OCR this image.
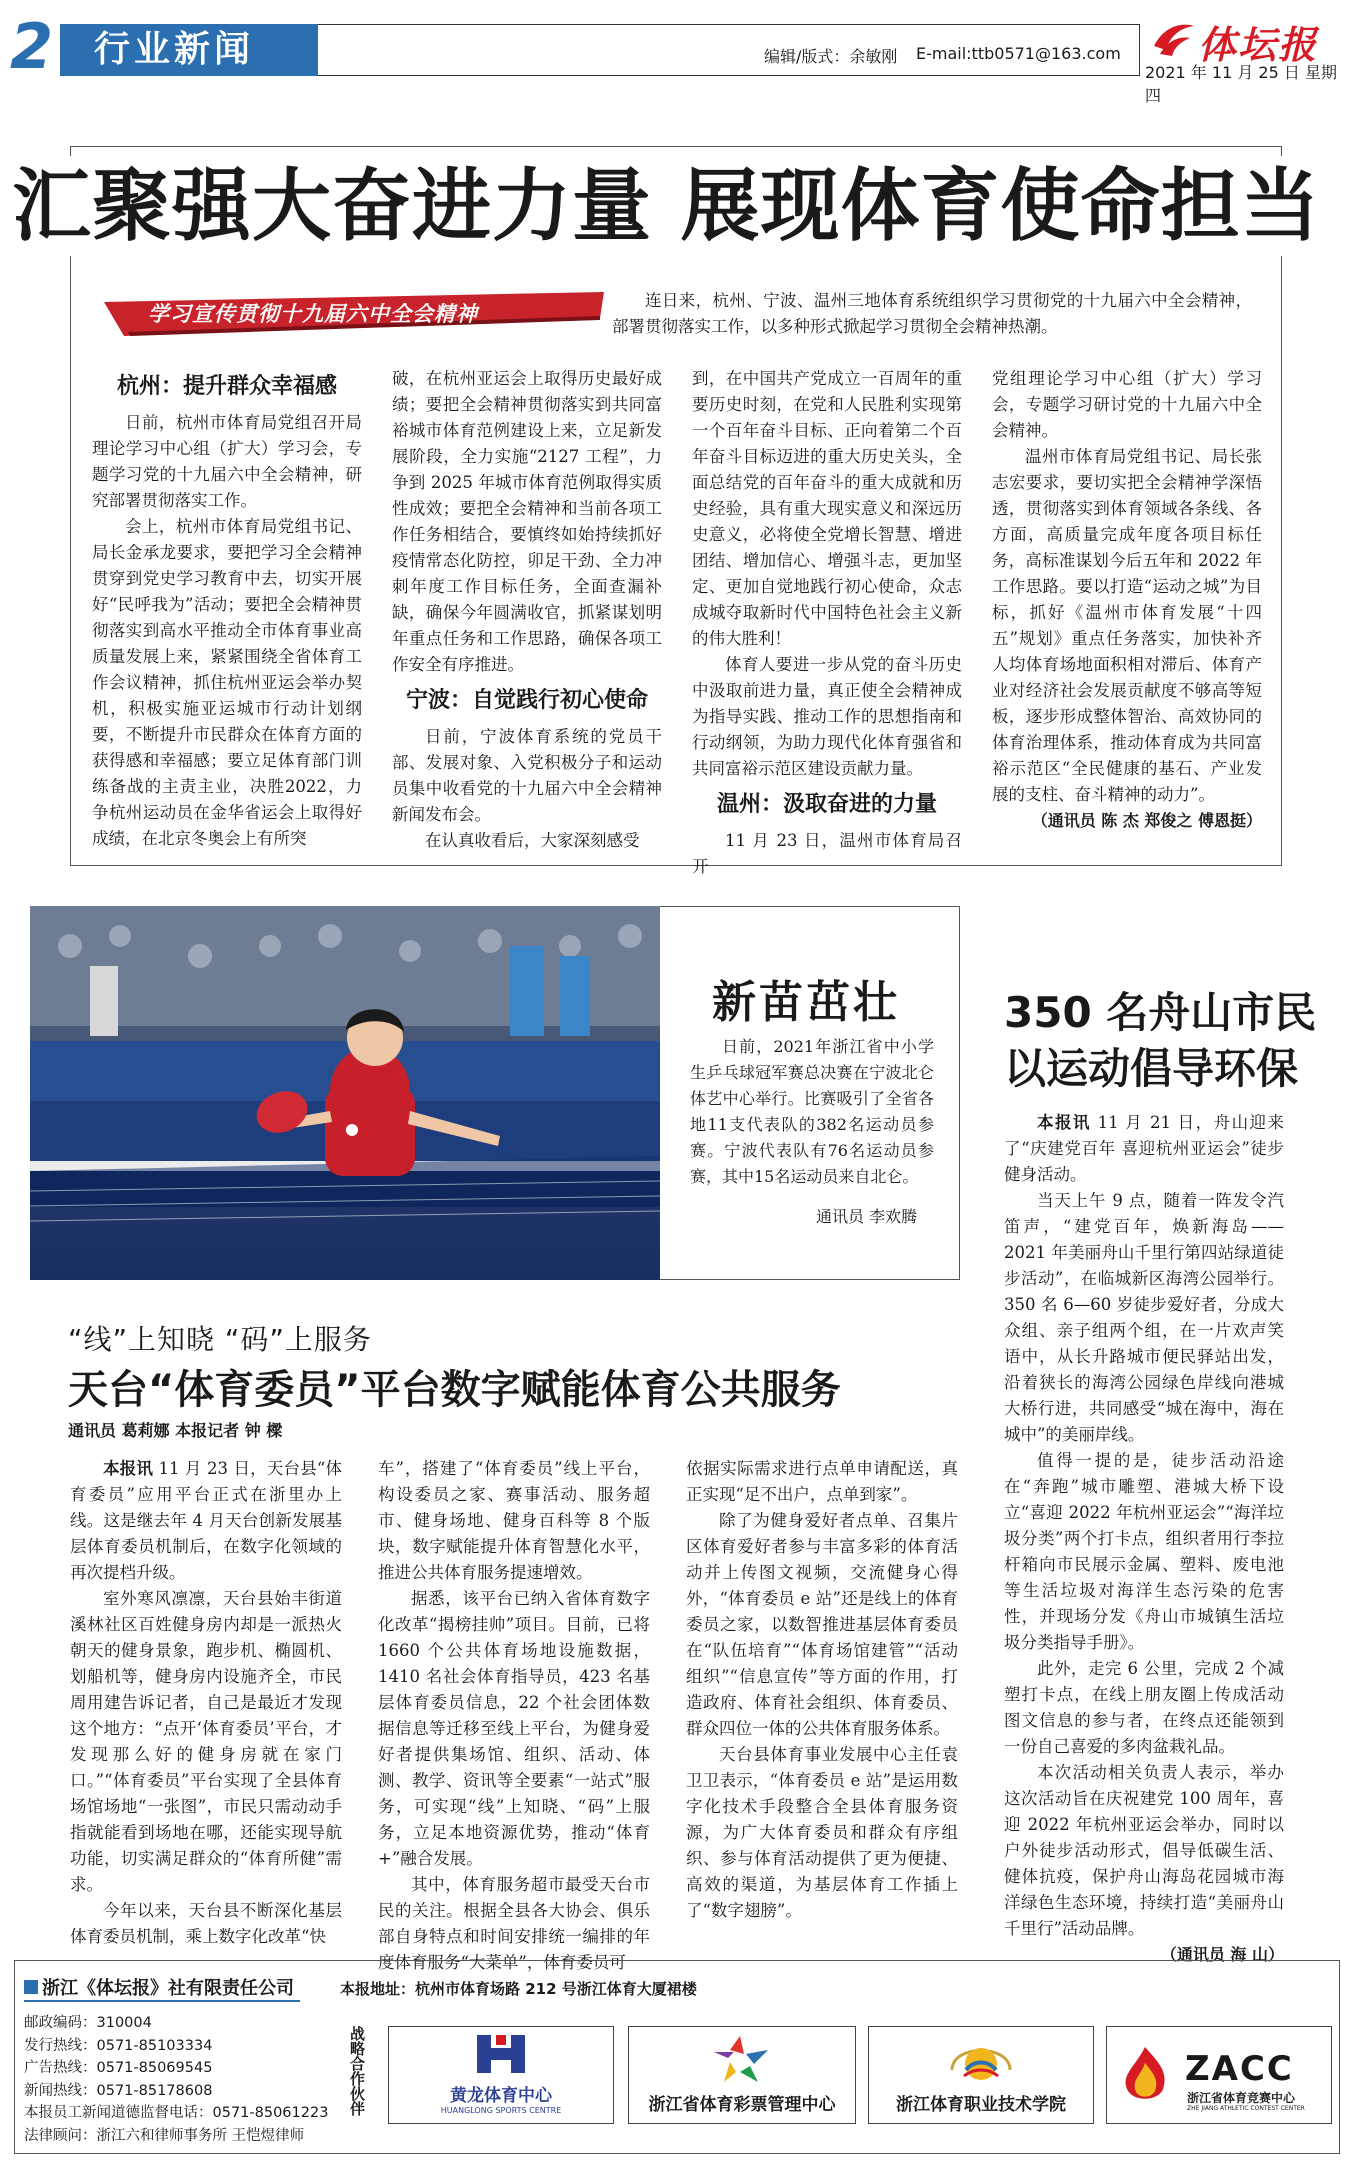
2 行业新闻	编辑/版式：余敏刚 E-mail:ttb0571@163.com 体坛报
2021 年 11 月 25 日 星期四
汇聚强大奋进力量 展现体育使命担当
学习宣传贯彻十九届六中全会精神
连日来，杭州、宁波、温州三地体育系统组织学习贯彻党的十九届六中全会精神，部署贯彻落实工作，以多种形式掀起学习贯彻全会精神热潮。
杭州：提升群众幸福感

日前，杭州市体育局党组召开局理论学习中心组（扩大）学习会，专题学习党的十九届六中全会精神，研究部署贯彻落实工作。

会上，杭州市体育局党组书记、局长金承龙要求，要把学习全会精神贯穿到党史学习教育中去，切实开展好“民呼我为”活动；要把全会精神贯彻落实到高水平推动全市体育事业高质量发展上来，紧紧围绕全省体育工作会议精神，抓住杭州亚运会举办契机，积极实施亚运城市行动计划纲要，不断提升市民群众在体育方面的获得感和幸福感；要立足体育部门训练备战的主责主业，决胜2022，力争杭州运动员在金华省运会上取得好成绩，在北京冬奥会上有所突

破，在杭州亚运会上取得历史最好成绩；要把全会精神贯彻落实到共同富裕城市体育范例建设上来，立足新发展阶段，全力实施“2127 工程”，力争到 2025 年城市体育范例取得实质性成效；要把全会精神和当前各项工作任务相结合，要慎终如始持续抓好疫情常态化防控，卯足干劲、全力冲刺年度工作目标任务，全面查漏补缺，确保今年圆满收官，抓紧谋划明年重点任务和工作思路，确保各项工作安全有序推进。

宁波：自觉践行初心使命

日前，宁波体育系统的党员干部、发展对象、入党积极分子和运动员集中收看党的十九届六中全会精神新闻发布会。

在认真收看后，大家深刻感受

到，在中国共产党成立一百周年的重要历史时刻，在党和人民胜利实现第一个百年奋斗目标、正向着第二个百年奋斗目标迈进的重大历史关头，全面总结党的百年奋斗的重大成就和历史经验，具有重大现实意义和深远历史意义，必将使全党增长智慧、增进团结、增加信心、增强斗志，更加坚定、更加自觉地践行初心使命，众志成城夺取新时代中国特色社会主义新的伟大胜利！

体育人要进一步从党的奋斗历史中汲取前进力量，真正使全会精神成为指导实践、推动工作的思想指南和行动纲领，为助力现代化体育强省和共同富裕示范区建设贡献力量。

温州：汲取奋进的力量

11 月 23 日，温州市体育局召开

党组理论学习中心组（扩大）学习会，专题学习研讨党的十九届六中全会精神。

温州市体育局党组书记、局长张志宏要求，要切实把全会精神学深悟透，贯彻落实到体育领域各条线、各方面，高质量完成年度各项目标任务，高标准谋划今后五年和 2022 年工作思路。要以打造“运动之城”为目标，抓好《温州市体育发展“十四五”规划》重点任务落实，加快补齐人均体育场地面积相对滞后、体育产业对经济社会发展贡献度不够高等短板，逐步形成整体智治、高效协同的体育治理体系，推动体育成为共同富裕示范区“全民健康的基石、产业发展的支柱、奋斗精神的动力”。

（通讯员 陈 杰 郑俊之 傅恩挺）
新苗茁壮
日前，2021年浙江省中小学生乒乓球冠军赛总决赛在宁波北仑体艺中心举行。比赛吸引了全省各地11支代表队的382名运动员参赛。宁波代表队有76名运动员参赛，其中15名运动员来自北仑。
通讯员 李欢腾
“线”上知晓 “码”上服务
天台“体育委员”平台数字赋能体育公共服务
通讯员 葛莉娜 本报记者 钟 樑

本报讯 11 月 23 日，天台县“体育委员”应用平台正式在浙里办上线。这是继去年 4 月天台创新发展基层体育委员机制后，在数字化领域的再次提档升级。

室外寒风凛凛，天台县始丰街道溪林社区百姓健身房内却是一派热火朝天的健身景象，跑步机、椭圆机、划船机等，健身房内设施齐全，市民周用建告诉记者，自己是最近才发现这个地方：“点开‘体育委员’平台，才发现那么好的健身房就在家门口。”“体育委员”平台实现了全县体育场馆场地“一张图”，市民只需动动手指就能看到场地在哪，还能实现导航功能，切实满足群众的“体育所健”需求。

今年以来，天台县不断深化基层体育委员机制，乘上数字化改革“快

车”，搭建了“体育委员”线上平台，构设委员之家、赛事活动、服务超市、健身场地、健身百科等 8 个版块，数字赋能提升体育智慧化水平，推进公共体育服务提速增效。

据悉，该平台已纳入省体育数字化改革“揭榜挂帅”项目。目前，已将 1660 个公共体育场地设施数据，1410 名社会体育指导员，423 名基层体育委员信息，22 个社会团体数据信息等迁移至线上平台，为健身爱好者提供集场馆、组织、活动、体测、教学、资讯等全要素“一站式”服务，可实现“线”上知晓、“码”上服务，立足本地资源优势，推动“体育+”融合发展。

其中，体育服务超市最受天台市民的关注。根据全县各大协会、俱乐部自身特点和时间安排统一编排的年度体育服务“大菜单”，体育委员可

依据实际需求进行点单申请配送，真正实现“足不出户，点单到家”。

除了为健身爱好者点单、召集片区体育爱好者参与丰富多彩的体育活动并上传图文视频，交流健身心得外，“体育委员 e 站”还是线上的体育委员之家，以数智推进基层体育委员在“队伍培育”“体育场馆建管”“活动组织”“信息宣传”等方面的作用，打造政府、体育社会组织、体育委员、群众四位一体的公共体育服务体系。

天台县体育事业发展中心主任袁卫卫表示，“体育委员 e 站”是运用数字化技术手段整合全县体育服务资源，为广大体育委员和群众有序组织、参与体育活动提供了更为便捷、高效的渠道，为基层体育工作插上了“数字翅膀”。

350 名舟山市民
以运动倡导环保

本报讯 11 月 21 日，舟山迎来了“庆建党百年 喜迎杭州亚运会”徒步健身活动。

当天上午 9 点，随着一阵发令汽笛声，“建党百年，焕新海岛——2021 年美丽舟山千里行第四站绿道徒步活动”，在临城新区海湾公园举行。350 名 6—60 岁徒步爱好者，分成大众组、亲子组两个组，在一片欢声笑语中，从长升路城市便民驿站出发，沿着狭长的海湾公园绿色岸线向港城大桥行进，共同感受“城在海中，海在城中”的美丽岸线。

值得一提的是，徒步活动沿途在“奔跑”城市雕塑、港城大桥下设立“喜迎 2022 年杭州亚运会”“海洋垃圾分类”两个打卡点，组织者用行李拉杆箱向市民展示金属、塑料、废电池等生活垃圾对海洋生态污染的危害性，并现场分发《舟山市城镇生活垃圾分类指导手册》。

此外，走完 6 公里，完成 2 个减塑打卡点，在线上朋友圈上传成活动图文信息的参与者，在终点还能领到一份自己喜爱的多肉盆栽礼品。

本次活动相关负责人表示，举办这次活动旨在庆祝建党 100 周年，喜迎 2022 年杭州亚运会举办，同时以户外徒步活动形式，倡导低碳生活、健体抗疫，保护舟山海岛花园城市海洋绿色生态环境，持续打造“美丽舟山千里行”活动品牌。

（通讯员 海 山）
浙江《体坛报》社有限责任公司	本报地址：杭州市体育场路 212 号浙江体育大厦裙楼
邮政编码：310004
发行热线：0571-85103334
广告热线：0571-85069545
新闻热线：0571-85178608
本报员工新闻道德监督电话：0571-85061223
法律顾问：浙江六和律师事务所 王恺煜律师
战略合作伙伴	黄龙体育中心
HUANGLONG SPORTS CENTRE	浙江省体育彩票管理中心	浙江体育职业技术学院
ZACC
浙江省体育竞赛中心
ZHE JIANG ATHLETIC CONTEST CENTER
